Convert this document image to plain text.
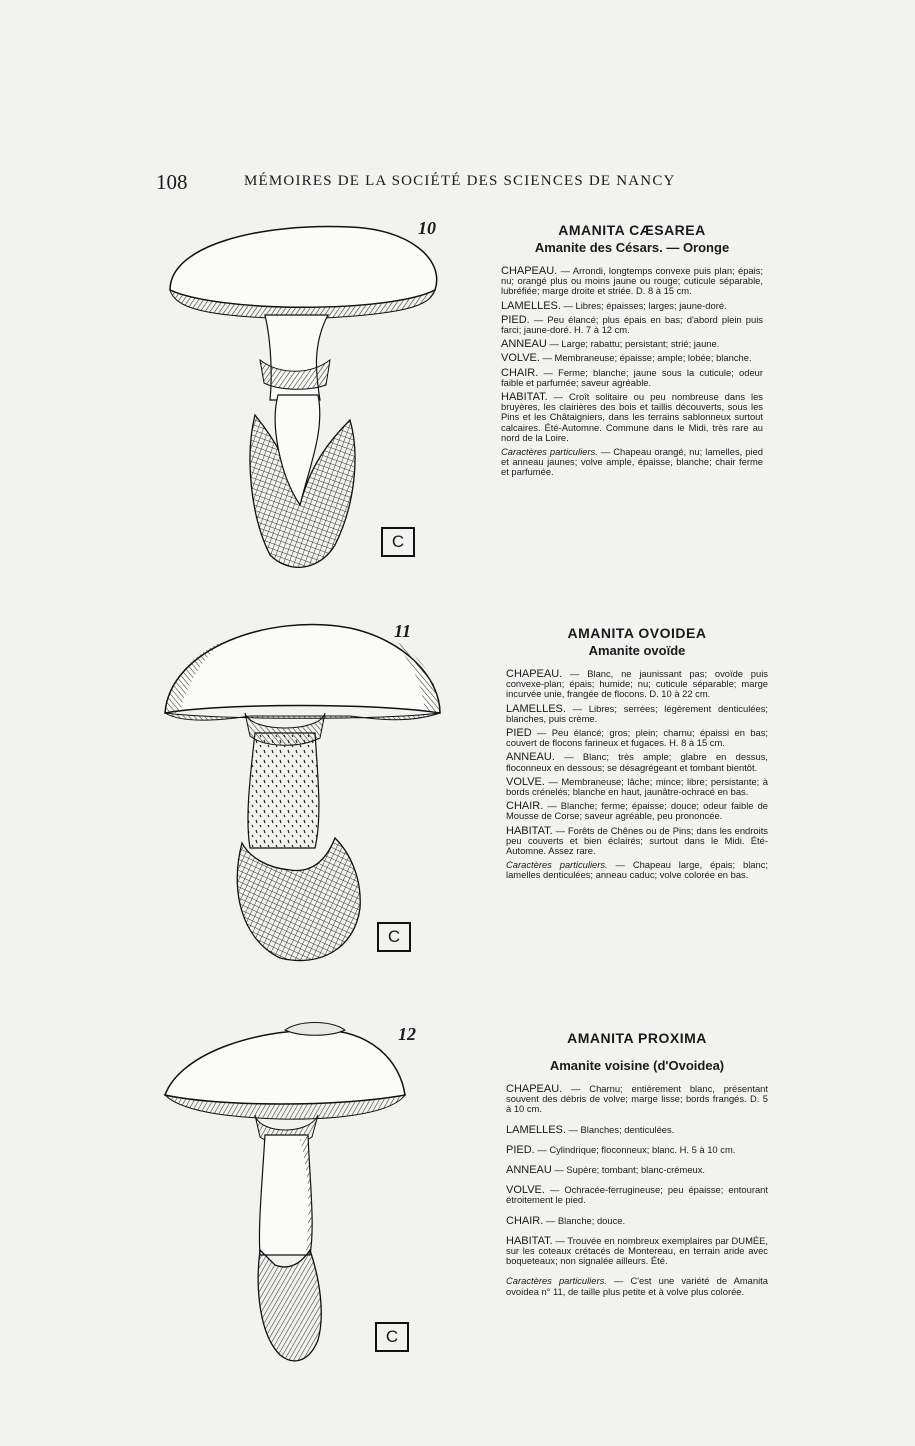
108	MÉMOIRES DE LA SOCIÉTÉ DES SCIENCES DE NANCY
10
C

AMANITA CÆSAREA

Amanite des Césars. — Oronge

CHAPEAU. — Arrondi, longtemps convexe puis plan; épais; nu; orangé plus ou moins jaune ou rouge; cuticule séparable, lubréfiée; marge droite et striée. D. 8 à 15 cm.

LAMELLES. — Libres; épaisses; larges; jaune-doré.

PIED. — Peu élancé; plus épais en bas; d'abord plein puis farci; jaune-doré. H. 7 à 12 cm.

ANNEAU — Large; rabattu; persistant; strié; jaune.

VOLVE. — Membraneuse; épaisse; ample; lobée; blanche.

CHAIR. — Ferme; blanche; jaune sous la cuticule; odeur faible et parfumée; saveur agréable.

HABITAT. — Croît solitaire ou peu nombreuse dans les bruyères, les clairières des bois et taillis découverts, sous les Pins et les Châtaigniers, dans les terrains sablonneux surtout calcaires. Été-Automne. Commune dans le Midi, très rare au nord de la Loire.

Caractères particuliers. — Chapeau orangé, nu; lamelles, pied et anneau jaunes; volve ample, épaisse, blanche; chair ferme et parfumée.

11
C

AMANITA OVOIDEA

Amanite ovoïde

CHAPEAU. — Blanc, ne jaunissant pas; ovoïde puis convexe-plan; épais; humide; nu; cuticule séparable; marge incurvée unie, frangée de flocons. D. 10 à 22 cm.

LAMELLES. — Libres; serrées; légèrement denticulées; blanches, puis crème.

PIED — Peu élancé; gros; plein; charnu; épaissi en bas; couvert de flocons farineux et fugaces. H. 8 à 15 cm.

ANNEAU. — Blanc; très ample; glabre en dessus, floconneux en dessous; se désagrégeant et tombant bientôt.

VOLVE. — Membraneuse; lâche; mince; libre; persistante; à bords crénelés; blanche en haut, jaunâtre-ochracé en bas.

CHAIR. — Blanche; ferme; épaisse; douce; odeur faible de Mousse de Corse; saveur agréable, peu prononcée.

HABITAT. — Forêts de Chênes ou de Pins; dans les endroits peu couverts et bien éclairés; surtout dans le Midi. Été-Automne. Assez rare.

Caractères particuliers. — Chapeau large, épais; blanc; lamelles denticulées; anneau caduc; volve colorée en bas.

12
C

AMANITA PROXIMA

Amanite voisine (d'Ovoidea)

CHAPEAU. — Charnu; entièrement blanc, présentant souvent des débris de volve; marge lisse; bords frangés. D. 5 à 10 cm.

LAMELLES. — Blanches; denticulées.

PIED. — Cylindrique; floconneux; blanc. H. 5 à 10 cm.

ANNEAU — Supère; tombant; blanc-crémeux.

VOLVE. — Ochracée-ferrugineuse; peu épaisse; entourant étroitement le pied.

CHAIR. — Blanche; douce.

HABITAT. — Trouvée en nombreux exemplaires par DUMÉE, sur les coteaux crétacés de Montereau, en terrain aride avec boqueteaux; non signalée ailleurs. Été.

Caractères particuliers. — C'est une variété de Amanita ovoidea n° 11, de taille plus petite et à volve plus colorée.
